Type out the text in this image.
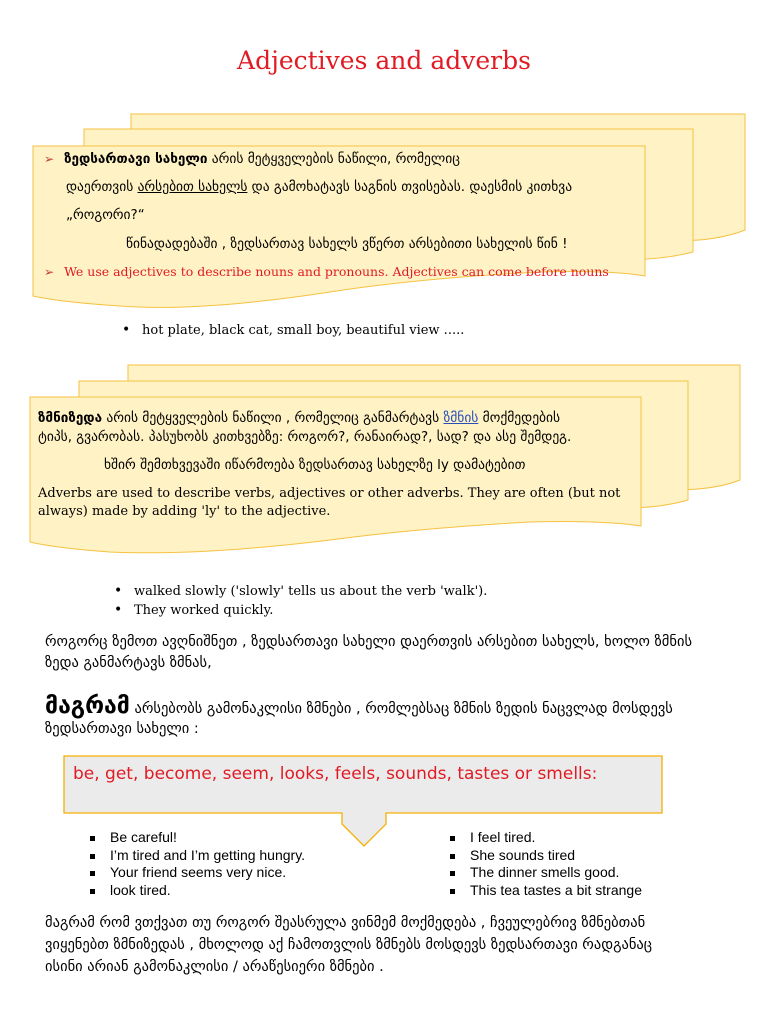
Adjectives and adverbs
➢ ზედსართავი სახელი არის მეტყველების ნაწილი, რომელიც
დაერთვის არსებით სახელს და გამოხატავს საგნის თვისებას. დაესმის კითხვა
„როგორი?“
წინადადებაში , ზედსართავ სახელს ვწერთ არსებითი სახელის წინ !
➢ We use adjectives to describe nouns and pronouns. Adjectives can come before nouns
• hot plate, black cat, small boy, beautiful view .....
ზმნიზედა არის მეტყველების ნაწილი , რომელიც განმარტავს ზმნის მოქმედების
ტიპს, გვარობას. პასუხობს კითხვებზე: როგორ?, რანაირად?, სად? და ასე შემდეგ.
ხშირ შემთხვევაში იწარმოება ზედსართავ სახელზე ly დამატებით
Adverbs are used to describe verbs, adjectives or other adverbs. They are often (but not
always) made by adding 'ly' to the adjective.
• walked slowly ('slowly' tells us about the verb 'walk').
• They worked quickly.
როგორც ზემოთ ავღნიშნეთ , ზედსართავი სახელი დაერთვის არსებით სახელს, ხოლო ზმნის
ზედა განმარტავს ზმნას,
მაგრამ არსებობს გამონაკლისი ზმნები , რომლებსაც ზმნის ზედის ნაცვლად მოსდევს
ზედსართავი სახელი :
be, get, become, seem, looks, feels, sounds, tastes or smells:
Be careful!
I’m tired and I’m getting hungry.
Your friend seems very nice.
look tired.
I feel tired.
She sounds tired
The dinner smells good.
This tea tastes a bit strange
მაგრამ რომ ვთქვათ თუ როგორ შეასრულა ვინმემ მოქმედება , ჩვეულებრივ ზმნებთან
ვიყენებთ ზმნიზედას , მხოლოდ აქ ჩამოთვლის ზმნებს მოსდევს ზედსართავი რადგანაც
ისინი არიან გამონაკლისი / არაწესიერი ზმნები .
